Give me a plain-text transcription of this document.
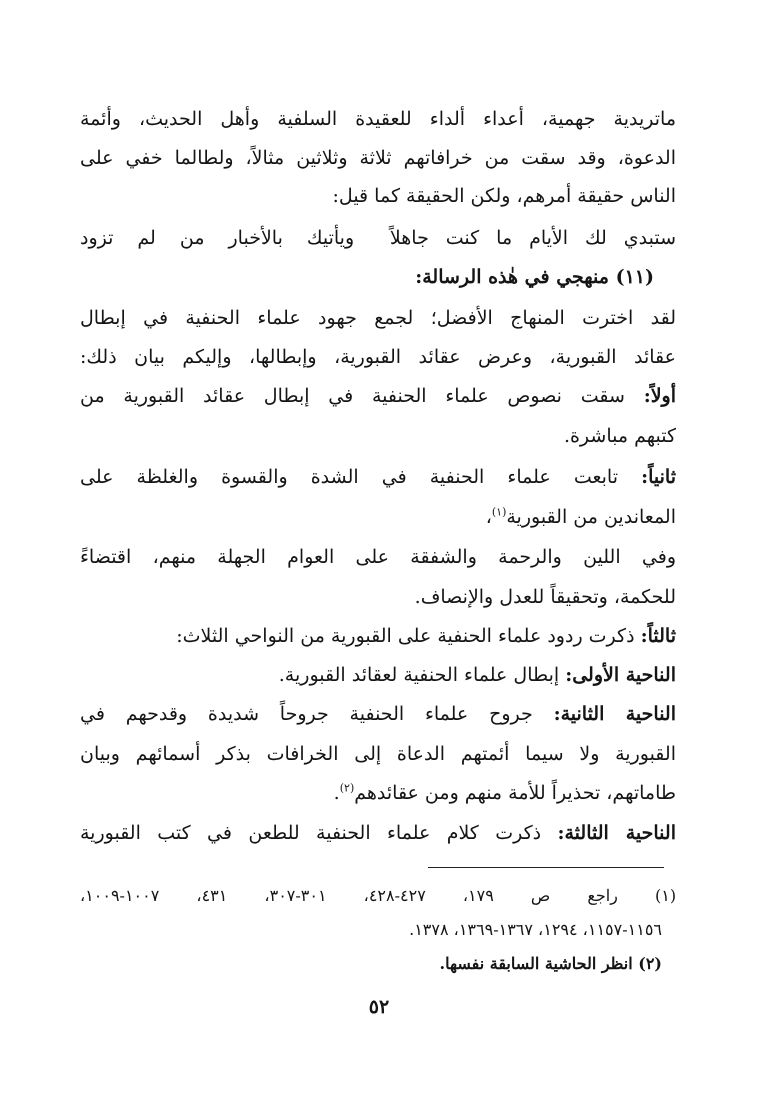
ماتريدية جهمية، أعداء ألداء للعقيدة السلفية وأهل الحديث، وأئمة
الدعوة، وقد سقت من خرافاتهم ثلاثة وثلاثين مثالاً، ولطالما خفي على
الناس حقيقة أمرهم، ولكن الحقيقة كما قيل:
ستبدي لك الأيام ما كنت جاهلاً
ويأتيك بالأخبار من لم تزود
(١١) منهجي في هٰذه الرسالة:
لقد اخترت المنهاج الأفضل؛ لجمع جهود علماء الحنفية في إبطال
عقائد القبورية، وعرض عقائد القبورية، وإبطالها، وإليكم بيان ذلك:
أولاً: سقت نصوص علماء الحنفية في إبطال عقائد القبورية من
كتبهم مباشرة.
ثانياً: تابعت علماء الحنفية في الشدة والقسوة والغلظة على
المعاندين من القبورية$^{(١)}$،
وفي اللين والرحمة والشفقة على العوام الجهلة منهم، اقتضاءً
للحكمة، وتحقيقاً للعدل والإنصاف.
ثالثاً: ذكرت ردود علماء الحنفية على القبورية من النواحي الثلاث:
الناحية الأولى: إبطال علماء الحنفية لعقائد القبورية.
الناحية الثانية: جروح علماء الحنفية جروحاً شديدة وقدحهم في
القبورية ولا سيما أئمتهم الدعاة إلى الخرافات بذكر أسمائهم وبيان
طاماتهم، تحذيراً للأمة منهم ومن عقائدهم$^{(٢)}$.
الناحية الثالثة: ذكرت كلام علماء الحنفية للطعن في كتب القبورية
(١) راجع ص ١٧٩، ٤٢٧-٤٢٨، ٣٠١-٣٠٧، ٤٣١، ١٠٠٧-١٠٠٩،
١١٥٦-١١٥٧، ١٢٩٤، ١٣٦٧-١٣٦٩، ١٣٧٨.
(٢) انظر الحاشية السابقة نفسها.
٥٢
